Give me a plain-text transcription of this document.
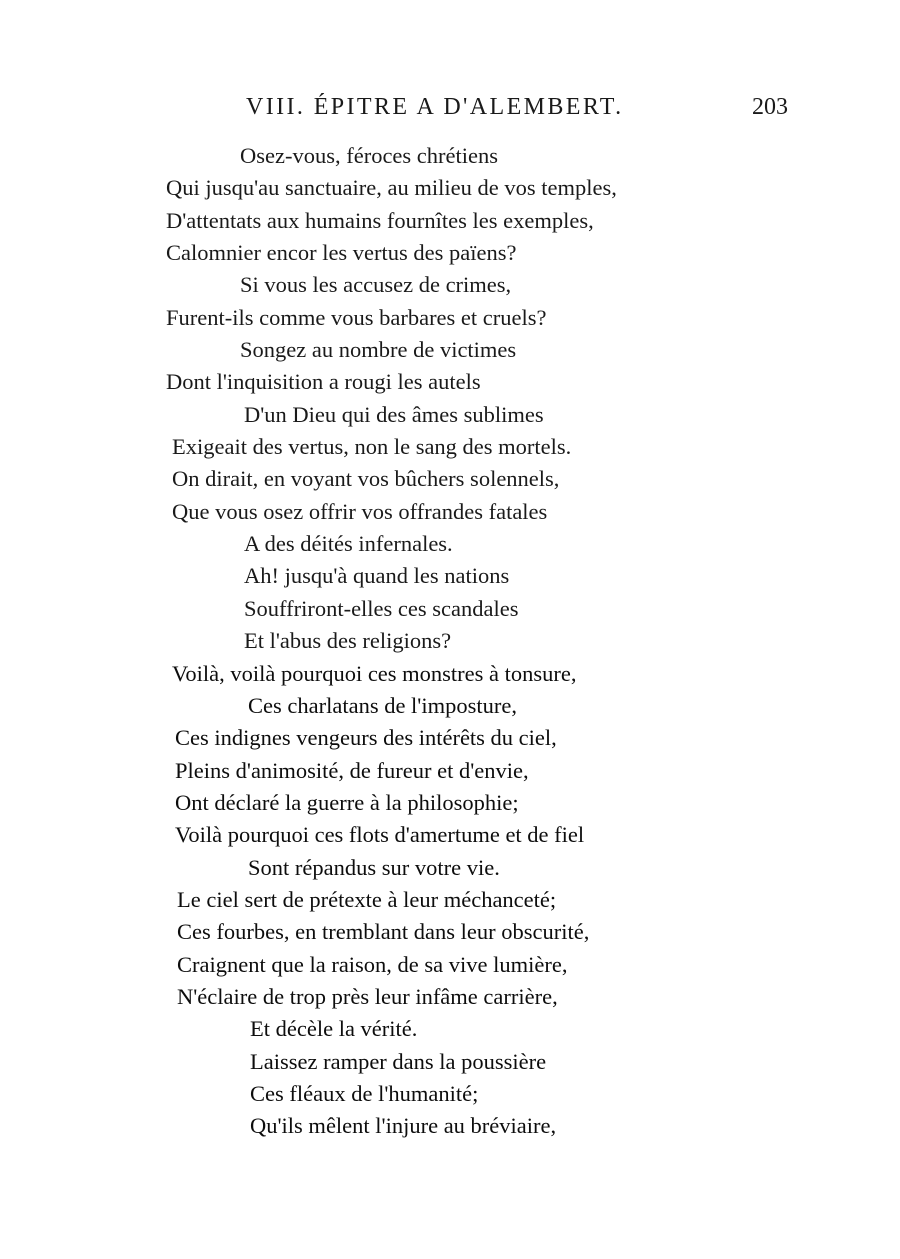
VIII. ÉPITRE A D'ALEMBERT.	203
Osez-vous, féroces chrétiens
Qui jusqu'au sanctuaire, au milieu de vos temples,
D'attentats aux humains fournîtes les exemples,
Calomnier encor les vertus des païens?
Si vous les accusez de crimes,
Furent-ils comme vous barbares et cruels?
Songez au nombre de victimes
Dont l'inquisition a rougi les autels
D'un Dieu qui des âmes sublimes
Exigeait des vertus, non le sang des mortels.
On dirait, en voyant vos bûchers solennels,
Que vous osez offrir vos offrandes fatales
A des déités infernales.
Ah! jusqu'à quand les nations
Souffriront-elles ces scandales
Et l'abus des religions?
Voilà, voilà pourquoi ces monstres à tonsure,
Ces charlatans de l'imposture,
Ces indignes vengeurs des intérêts du ciel,
Pleins d'animosité, de fureur et d'envie,
Ont déclaré la guerre à la philosophie;
Voilà pourquoi ces flots d'amertume et de fiel
Sont répandus sur votre vie.
Le ciel sert de prétexte à leur méchanceté;
Ces fourbes, en tremblant dans leur obscurité,
Craignent que la raison, de sa vive lumière,
N'éclaire de trop près leur infâme carrière,
Et décèle la vérité.
Laissez ramper dans la poussière
Ces fléaux de l'humanité;
Qu'ils mêlent l'injure au bréviaire,
